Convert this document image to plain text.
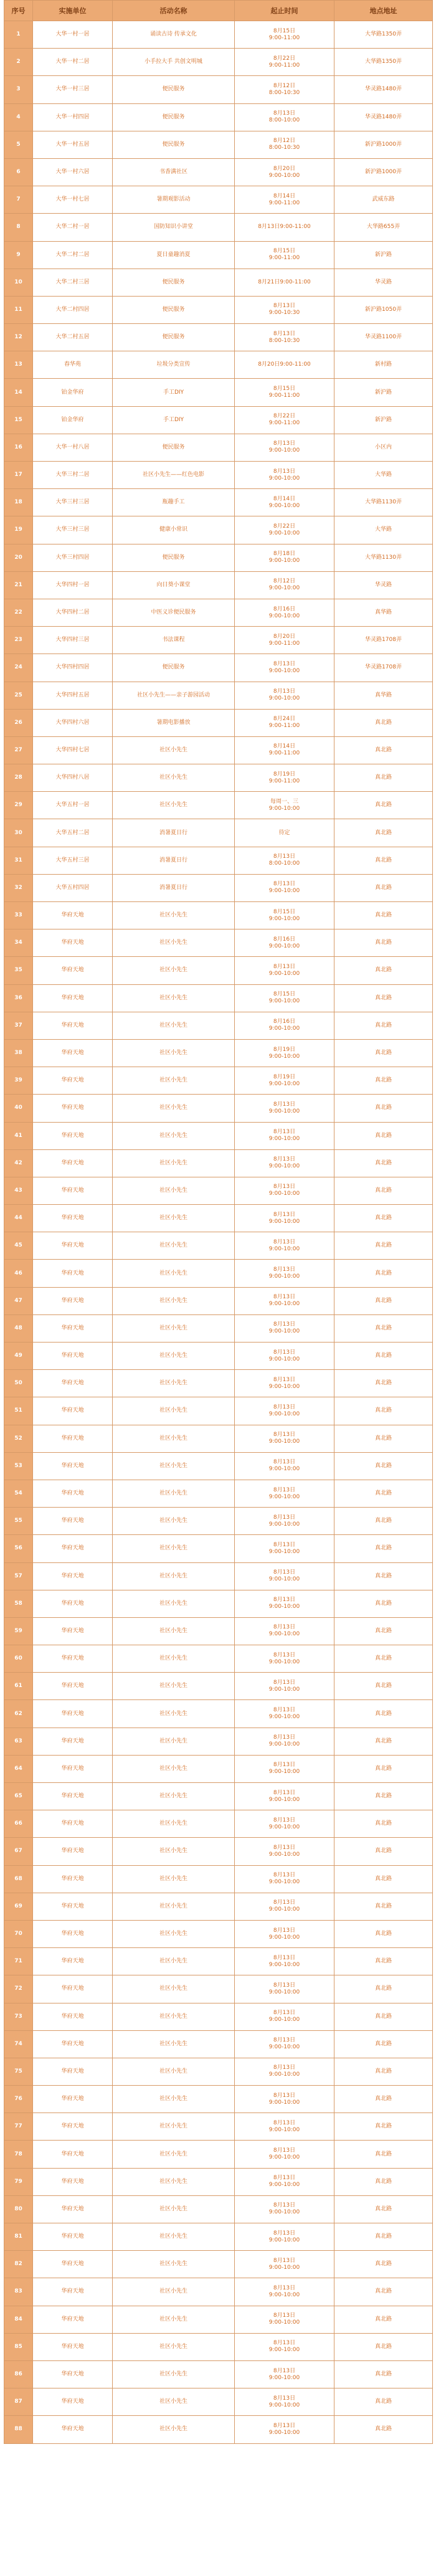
序号	实施单位	活动名称	起止时间	地点地址
1	大华一村一居	诵读古诗 传承文化	8月15日
9:00-11:00	大华路1350弄
2	大华一村二居	小手拉大手 共创文明城	8月22日
9:00-11:00	大华路1350弄
3	大华一村三居	便民服务	8月12日
8:00-10:30	华灵路1480弄
4	大华一村四居	便民服务	8月13日
8:00-10:00	华灵路1480弄
5	大华一村五居	便民服务	8月12日
8:00-10:30	新沪路1000弄
6	大华一村六居	书香满社区	8月20日
9:00-10:00	新沪路1000弄
7	大华一村七居	暑期观影活动	8月14日
9:00-11:00	武威东路
8	大华二村一居	国防知识小讲堂	8月13日9:00-11:00	大华路655弄
9	大华二村二居	夏日童趣消夏	8月15日
9:00-11:00	新沪路
10	大华二村三居	便民服务	8月21日9:00-11:00	华灵路
11	大华二村四居	便民服务	8月13日
9:00-10:30	新沪路1050弄
12	大华二村五居	便民服务	8月13日
8:00-10:30	华灵路1100弄
13	春华苑	垃圾分类宣传	8月20日9:00-11:00	新村路
14	铂金华府	手工DIY	8月15日
9:00-11:00	新沪路
15	铂金华府	手工DIY	8月22日
9:00-11:00	新沪路
16	大华一村八居	便民服务	8月13日
9:00-10:00	小区内
17	大华三村二居	社区小先生——红色电影	8月13日
9:00-10:00	大华路
18	大华三村三居	瓶趣手工	8月14日
9:00-10:00	大华路1130弄
19	大华三村三居	健康小常识	8月22日
9:00-10:00	大华路
20	大华三村四居	便民服务	8月18日
9:00-10:00	大华路1130弄
21	大华四村一居	向日葵小课堂	8月12日
9:00-10:00	华灵路
22	大华四村二居	中医义诊便民服务	8月16日
9:00-10:00	真华路
23	大华四村三居	书法课程	8月20日
9:00-11:00	华灵路1708弄
24	大华四村四居	便民服务	8月13日
9:00-10:00	华灵路1708弄
25	大华四村五居	社区小先生——亲子游园活动	8月13日
9:00-10:00	真华路
26	大华四村六居	暑期电影播放	8月24日
9:00-11:00	真北路
27	大华四村七居	社区小先生	8月14日
9:00-11:00	真北路
28	大华四村八居	社区小先生	8月19日
9:00-11:00	真北路
29	大华五村一居	社区小先生	每周一、三
9:00-10:00	真北路
30	大华五村二居	消暑夏日行	待定	真北路
31	大华五村三居	消暑夏日行	8月13日
8:00-10:00	真北路
32	大华五村四居	消暑夏日行	8月13日
9:00-10:00	真北路
33	华府天地	社区小先生	8月15日
9:00-10:00	真北路
34	华府天地	社区小先生	8月16日
9:00-10:00	真北路
35	华府天地	社区小先生	8月13日
9:00-10:00	真北路
36	华府天地	社区小先生	8月15日
9:00-10:00	真北路
37	华府天地	社区小先生	8月16日
9:00-10:00	真北路
38	华府天地	社区小先生	8月19日
9:00-10:00	真北路
39	华府天地	社区小先生	8月19日
9:00-10:00	真北路
40	华府天地	社区小先生	8月13日
9:00-10:00	真北路
41	华府天地	社区小先生	8月13日
9:00-10:00	真北路
42	华府天地	社区小先生	8月13日
9:00-10:00	真北路
43	华府天地	社区小先生	8月13日
9:00-10:00	真北路
44	华府天地	社区小先生	8月13日
9:00-10:00	真北路
45	华府天地	社区小先生	8月13日
9:00-10:00	真北路
46	华府天地	社区小先生	8月13日
9:00-10:00	真北路
47	华府天地	社区小先生	8月13日
9:00-10:00	真北路
48	华府天地	社区小先生	8月13日
9:00-10:00	真北路
49	华府天地	社区小先生	8月13日
9:00-10:00	真北路
50	华府天地	社区小先生	8月13日
9:00-10:00	真北路
51	华府天地	社区小先生	8月13日
9:00-10:00	真北路
52	华府天地	社区小先生	8月13日
9:00-10:00	真北路
53	华府天地	社区小先生	8月13日
9:00-10:00	真北路
54	华府天地	社区小先生	8月13日
9:00-10:00	真北路
55	华府天地	社区小先生	8月13日
9:00-10:00	真北路
56	华府天地	社区小先生	8月13日
9:00-10:00	真北路
57	华府天地	社区小先生	8月13日
9:00-10:00	真北路
58	华府天地	社区小先生	8月13日
9:00-10:00	真北路
59	华府天地	社区小先生	8月13日
9:00-10:00	真北路
60	华府天地	社区小先生	8月13日
9:00-10:00	真北路
61	华府天地	社区小先生	8月13日
9:00-10:00	真北路
62	华府天地	社区小先生	8月13日
9:00-10:00	真北路
63	华府天地	社区小先生	8月13日
9:00-10:00	真北路
64	华府天地	社区小先生	8月13日
9:00-10:00	真北路
65	华府天地	社区小先生	8月13日
9:00-10:00	真北路
66	华府天地	社区小先生	8月13日
9:00-10:00	真北路
67	华府天地	社区小先生	8月13日
9:00-10:00	真北路
68	华府天地	社区小先生	8月13日
9:00-10:00	真北路
69	华府天地	社区小先生	8月13日
9:00-10:00	真北路
70	华府天地	社区小先生	8月13日
9:00-10:00	真北路
71	华府天地	社区小先生	8月13日
9:00-10:00	真北路
72	华府天地	社区小先生	8月13日
9:00-10:00	真北路
73	华府天地	社区小先生	8月13日
9:00-10:00	真北路
74	华府天地	社区小先生	8月13日
9:00-10:00	真北路
75	华府天地	社区小先生	8月13日
9:00-10:00	真北路
76	华府天地	社区小先生	8月13日
9:00-10:00	真北路
77	华府天地	社区小先生	8月13日
9:00-10:00	真北路
78	华府天地	社区小先生	8月13日
9:00-10:00	真北路
79	华府天地	社区小先生	8月13日
9:00-10:00	真北路
80	华府天地	社区小先生	8月13日
9:00-10:00	真北路
81	华府天地	社区小先生	8月13日
9:00-10:00	真北路
82	华府天地	社区小先生	8月13日
9:00-10:00	真北路
83	华府天地	社区小先生	8月13日
9:00-10:00	真北路
84	华府天地	社区小先生	8月13日
9:00-10:00	真北路
85	华府天地	社区小先生	8月13日
9:00-10:00	真北路
86	华府天地	社区小先生	8月13日
9:00-10:00	真北路
87	华府天地	社区小先生	8月13日
9:00-10:00	真北路
88	华府天地	社区小先生	8月13日
9:00-10:00	真北路
